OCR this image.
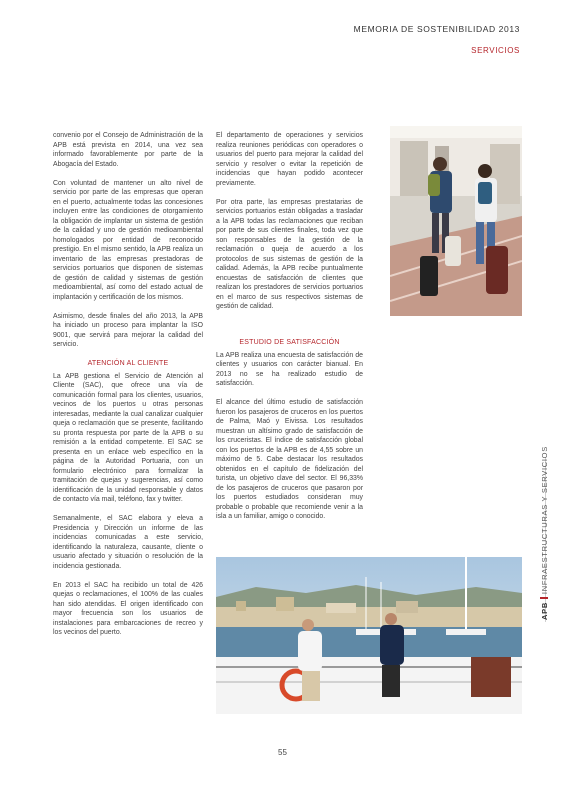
MEMORIA DE SOSTENIBILIDAD 2013
SERVICIOS

convenio por el Consejo de Administración de la APB está prevista en 2014, una vez sea informado favorablemente por parte de la Abogacía del Estado.

Con voluntad de mantener un alto nivel de servicio por parte de las empresas que operan en el puerto, actualmente todas las concesiones incluyen entre las condiciones de otorgamiento la obligación de implantar un sistema de gestión de la calidad y uno de gestión medioambiental homologados por entidad de reconocido prestigio. En el mismo sentido, la APB realiza un inventario de las empresas prestadoras de servicios portuarios que disponen de sistemas de gestión de calidad y sistemas de gestión medioambiental, así como del estado actual de implantación y certificación de los mismos.

Asimismo, desde finales del año 2013, la APB ha iniciado un proceso para implantar la ISO 9001, que servirá para mejorar la calidad del servicio.

ATENCIÓN AL CLIENTE

La APB gestiona el Servicio de Atención al Cliente (SAC), que ofrece una vía de comunicación formal para los clientes, usuarios, vecinos de los puertos u otras personas interesadas, mediante la cual canalizar cualquier queja o reclamación que se presente, facilitando su pronta respuesta por parte de la APB o su remisión a la entidad competente. El SAC se presenta en un enlace web específico en la página de la Autoridad Portuaria, con un formulario electrónico para formalizar la tramitación de quejas y sugerencias, así como identificación de la unidad responsable y datos de contacto vía mail, teléfono, fax y twitter.

Semanalmente, el SAC elabora y eleva a Presidencia y Dirección un informe de las incidencias comunicadas a este servicio, identificando la naturaleza, causante, cliente o usuario afectado y situación o resolución de la incidencia gestionada.

En 2013 el SAC ha recibido un total de 426 quejas o reclamaciones, el 100% de las cuales han sido atendidas. El origen identificado con mayor frecuencia son los usuarios de instalaciones para embarcaciones de recreo y los vecinos del puerto.

El departamento de operaciones y servicios realiza reuniones periódicas con operadores o usuarios del puerto para mejorar la calidad del servicio y resolver o evitar la repetición de incidencias que hayan podido acontecer previamente.

Por otra parte, las empresas prestatarias de servicios portuarios están obligadas a trasladar a la APB todas las reclamaciones que reciban por parte de sus clientes finales, toda vez que son responsables de la gestión de la reclamación o queja de acuerdo a los protocolos de sus sistemas de gestión de la calidad. Además, la APB recibe puntualmente encuestas de satisfacción de clientes que realizan los prestadores de servicios portuarios en el marco de sus respectivos sistemas de gestión de calidad.

ESTUDIO DE SATISFACCIÓN

La APB realiza una encuesta de satisfacción de clientes y usuarios con carácter bianual. En 2013 no se ha realizado estudio de satisfacción.

El alcance del último estudio de satisfacción fueron los pasajeros de cruceros en los puertos de Palma, Maó y Eivissa. Los resultados muestran un altísimo grado de satisfacción de los cruceristas. El índice de satisfacción global con los puertos de la APB es de 4,55 sobre un máximo de 5. Cabe destacar los resultados obtenidos en el capítulo de fidelización del turista, un objetivo clave del sector. El 96,33% de los pasajeros de cruceros que pasaron por los puertos estudiados consideran muy probable o probable que recomiende venir a la isla a un familiar, amigo o conocido.

APBINFRAESTRUCTURAS Y SERVICIOS
55
